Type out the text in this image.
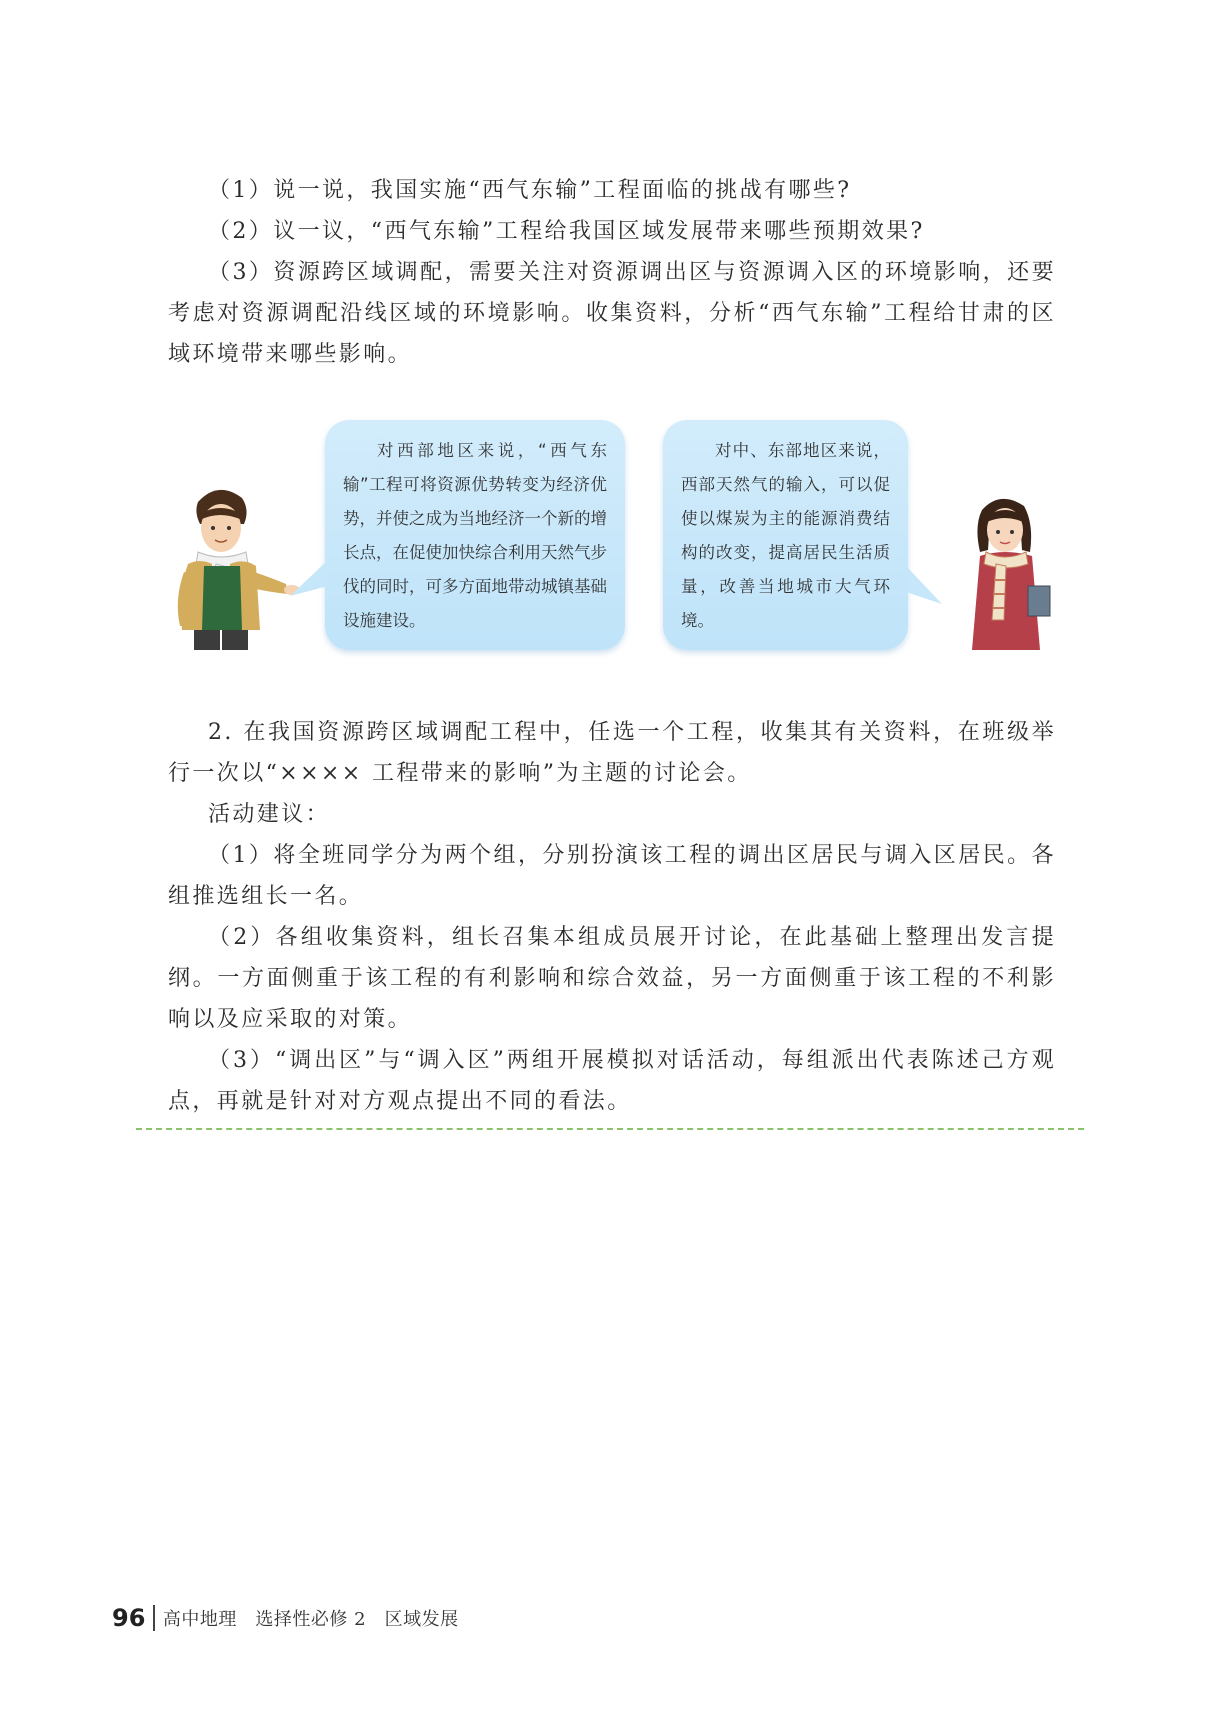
（1）说一说，我国实施“西气东输”工程面临的挑战有哪些?

（2）议一议，“西气东输”工程给我国区域发展带来哪些预期效果?

（3）资源跨区域调配，需要关注对资源调出区与资源调入区的环境影响，还要考虑对资源调配沿线区域的环境影响。收集资料，分析“西气东输”工程给甘肃的区域环境带来哪些影响。

对西部地区来说，“西气东输”工程可将资源优势转变为经济优势，并使之成为当地经济一个新的增长点，在促使加快综合利用天然气步伐的同时，可多方面地带动城镇基础设施建设。

对中、东部地区来说，西部天然气的输入，可以促使以煤炭为主的能源消费结构的改变，提高居民生活质量，改善当地城市大气环境。

2. 在我国资源跨区域调配工程中，任选一个工程，收集其有关资料，在班级举行一次以“×××× 工程带来的影响”为主题的讨论会。

活动建议：

（1）将全班同学分为两个组，分别扮演该工程的调出区居民与调入区居民。各组推选组长一名。

（2）各组收集资料，组长召集本组成员展开讨论，在此基础上整理出发言提纲。一方面侧重于该工程的有利影响和综合效益，另一方面侧重于该工程的不利影响以及应采取的对策。

（3）“调出区”与“调入区”两组开展模拟对话活动，每组派出代表陈述己方观点，再就是针对对方观点提出不同的看法。

96 高中地理　选择性必修 2　区域发展
